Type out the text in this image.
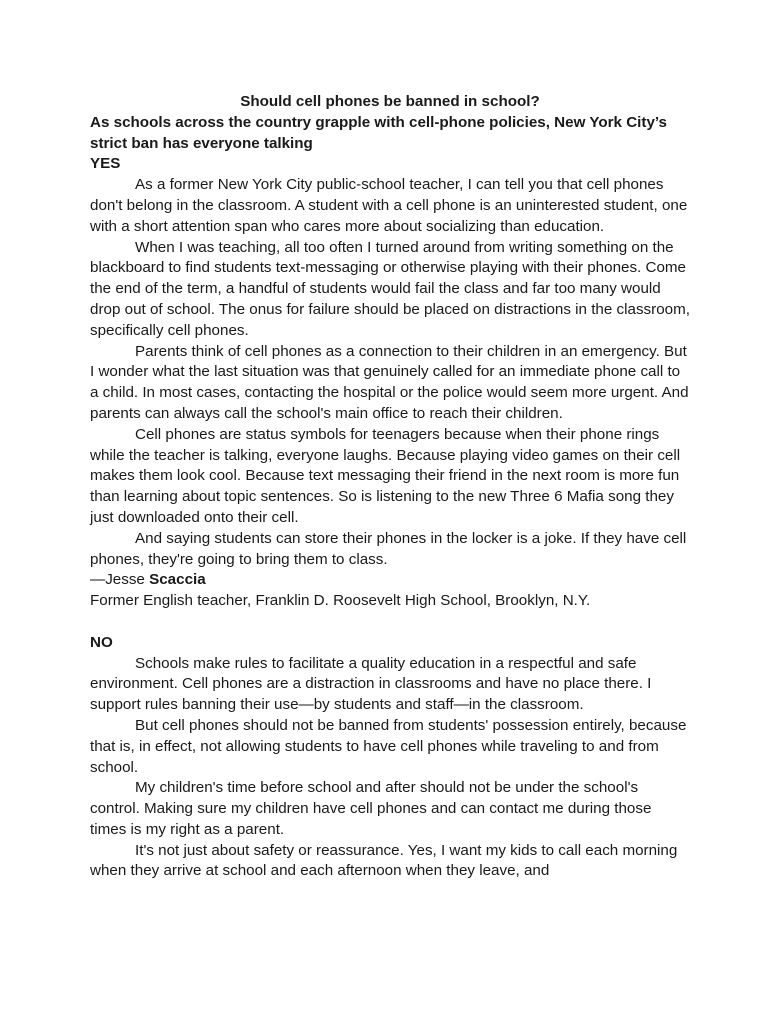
Should cell phones be banned in school?

As schools across the country grapple with cell-phone policies, New York City’s strict ban has everyone talking

YES

As a former New York City public-school teacher, I can tell you that cell phones don't belong in the classroom. A student with a cell phone is an uninterested student, one with a short attention span who cares more about socializing than education.

When I was teaching, all too often I turned around from writing something on the blackboard to find students text-messaging or otherwise playing with their phones. Come the end of the term, a handful of students would fail the class and far too many would drop out of school. The onus for failure should be placed on distractions in the classroom, specifically cell phones.

Parents think of cell phones as a connection to their children in an emergency. But I wonder what the last situation was that genuinely called for an immediate phone call to a child. In most cases, contacting the hospital or the police would seem more urgent. And parents can always call the school's main office to reach their children.

Cell phones are status symbols for teenagers because when their phone rings while the teacher is talking, everyone laughs. Because playing video games on their cell makes them look cool. Because text messaging their friend in the next room is more fun than learning about topic sentences. So is listening to the new Three 6 Mafia song they just downloaded onto their cell.

And saying students can store their phones in the locker is a joke. If they have cell phones, they're going to bring them to class.

—Jesse Scaccia

Former English teacher, Franklin D. Roosevelt High School, Brooklyn, N.Y.

NO

Schools make rules to facilitate a quality education in a respectful and safe environment. Cell phones are a distraction in classrooms and have no place there. I support rules banning their use—by students and staff—in the classroom.

But cell phones should not be banned from students' possession entirely, because that is, in effect, not allowing students to have cell phones while traveling to and from school.

My children's time before school and after should not be under the school's control. Making sure my children have cell phones and can contact me during those times is my right as a parent.

It's not just about safety or reassurance. Yes, I want my kids to call each morning when they arrive at school and each afternoon when they leave, and
